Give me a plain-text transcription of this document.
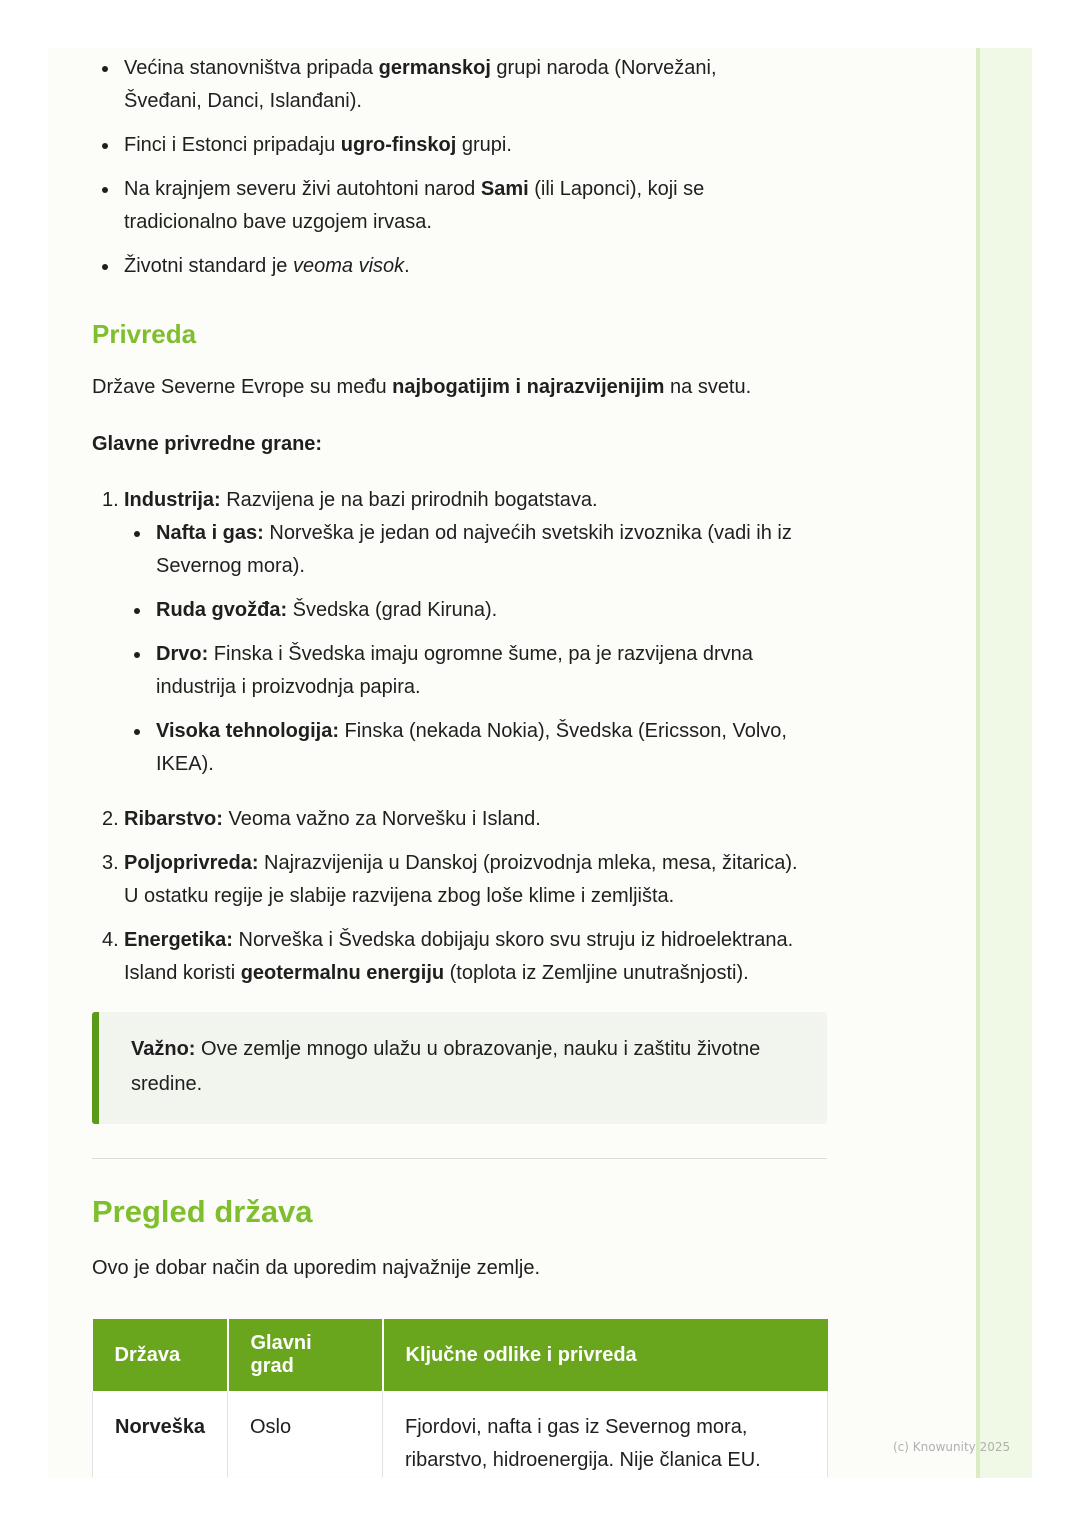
Većina stanovništva pripada germanskoj grupi naroda (Norvežani,
Šveđani, Danci, Islanđani).
Finci i Estonci pripadaju ugro-finskoj grupi.
Na krajnjem severu živi autohtoni narod Sami (ili Laponci), koji se
tradicionalno bave uzgojem irvasa.
Životni standard je veoma visok.
Privreda

Države Severne Evrope su među najbogatijim i najrazvijenijim na svetu.

Glavne privredne grane:

1. Industrija: Razvijena je na bazi prirodnih bogatstava.
Nafta i gas: Norveška je jedan od najvećih svetskih izvoznika (vadi ih iz
Severnog mora).
Ruda gvožđa: Švedska (grad Kiruna).
Drvo: Finska i Švedska imaju ogromne šume, pa je razvijena drvna
industrija i proizvodnja papira.
Visoka tehnologija: Finska (nekada Nokia), Švedska (Ericsson, Volvo,
IKEA).
2. Ribarstvo: Veoma važno za Norvešku i Island.
3. Poljoprivreda: Najrazvijenija u Danskoj (proizvodnja mleka, mesa, žitarica).
U ostatku regije je slabije razvijena zbog loše klime i zemljišta.
4. Energetika: Norveška i Švedska dobijaju skoro svu struju iz hidroelektrana.
Island koristi geotermalnu energiju (toplota iz Zemljine unutrašnjosti).

Važno: Ove zemlje mnogo ulažu u obrazovanje, nauku i zaštitu životne
sredine.

Pregled država

Ovo je dobar način da uporedim najvažnije zemlje.

Država	Glavni grad	Ključne odlike i privreda
Norveška	Oslo	Fjordovi, nafta i gas iz Severnog mora,
ribarstvo, hidroenergija. Nije članica EU.
(c) Knowunity 2025
